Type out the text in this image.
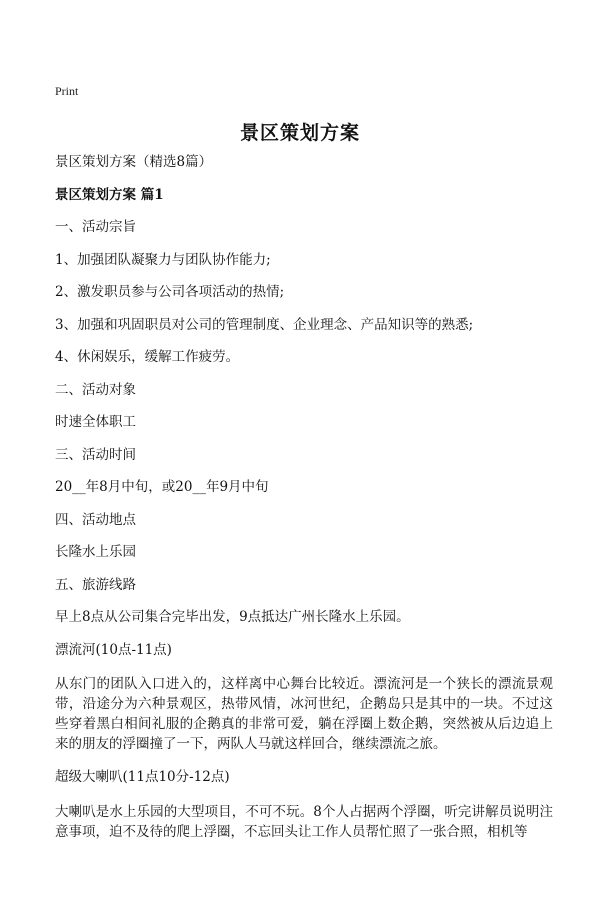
Print
景区策划方案

景区策划方案（精选8篇）

景区策划方案 篇1

一、活动宗旨

1、加强团队凝聚力与团队协作能力;

2、激发职员参与公司各项活动的热情;

3、加强和巩固职员对公司的管理制度、企业理念、产品知识等的熟悉;

4、休闲娱乐，缓解工作疲劳。

二、活动对象

时速全体职工

三、活动时间

20__年8月中旬，或20__年9月中旬

四、活动地点

长隆水上乐园

五、旅游线路

早上8点从公司集合完毕出发，9点抵达广州长隆水上乐园。

漂流河(10点-11点)

从东门的团队入口进入的，这样离中心舞台比较近。漂流河是一个狭长的漂流景观带，沿途分为六种景观区，热带风情，冰河世纪，企鹅岛只是其中的一块。不过这些穿着黑白相间礼服的企鹅真的非常可爱，躺在浮圈上数企鹅，突然被从后边追上来的朋友的浮圈撞了一下，两队人马就这样回合，继续漂流之旅。

超级大喇叭(11点10分-12点)

大喇叭是水上乐园的大型项目，不可不玩。8个人占据两个浮圈，听完讲解员说明注意事项，迫不及待的爬上浮圈，不忘回头让工作人员帮忙照了一张合照，相机等
